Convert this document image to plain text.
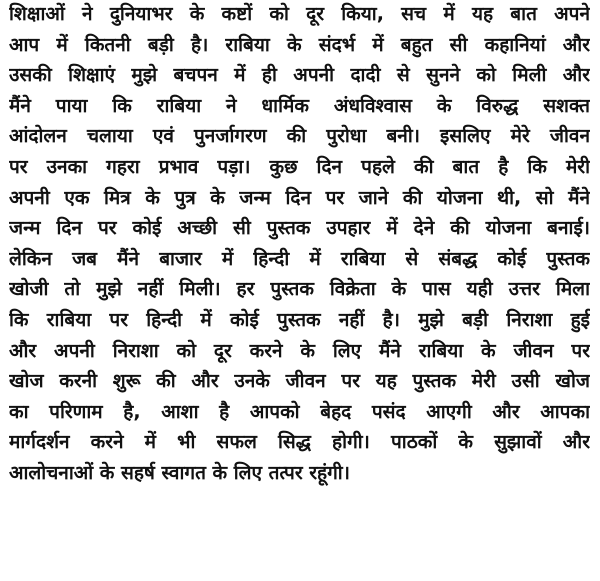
शिक्षाओं ने दुनियाभर के कष्टों को दूर किया, सच में यह बात अपने
आप में कितनी बड़ी है। राबिया के संदर्भ में बहुत सी कहानियां और
उसकी शिक्षाएं मुझे बचपन में ही अपनी दादी से सुनने को मिली और
मैंने पाया कि राबिया ने धार्मिक अंधविश्वास के विरुद्ध सशक्त
आंदोलन चलाया एवं पुनर्जागरण की पुरोधा बनी। इसलिए मेरे जीवन
पर उनका गहरा प्रभाव पड़ा। कुछ दिन पहले की बात है कि मेरी
अपनी एक मित्र के पुत्र के जन्म दिन पर जाने की योजना थी, सो मैंने
जन्म दिन पर कोई अच्छी सी पुस्तक उपहार में देने की योजना बनाई।
लेकिन जब मैंने बाजार में हिन्दी में राबिया से संबद्ध कोई पुस्तक
खोजी तो मुझे नहीं मिली। हर पुस्तक विक्रेता के पास यही उत्तर मिला
कि राबिया पर हिन्दी में कोई पुस्तक नहीं है। मुझे बड़ी निराशा हुई
और अपनी निराशा को दूर करने के लिए मैंने राबिया के जीवन पर
खोज करनी शुरू की और उनके जीवन पर यह पुस्तक मेरी उसी खोज
का परिणाम है, आशा है आपको बेहद पसंद आएगी और आपका
मार्गदर्शन करने में भी सफल सिद्ध होगी। पाठकों के सुझावों और
आलोचनाओं के सहर्ष स्वागत के लिए तत्पर रहूंगी।
